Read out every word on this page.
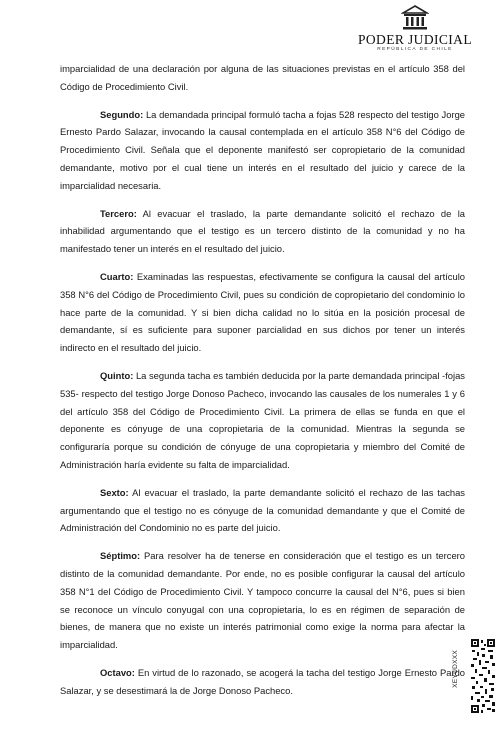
PODER JUDICIAL
REPÚBLICA DE CHILE

imparcialidad de una declaración por alguna de las situaciones previstas en el artículo 358 del Código de Procedimiento Civil.

Segundo: La demandada principal formuló tacha a fojas 528 respecto del testigo Jorge Ernesto Pardo Salazar, invocando la causal contemplada en el artículo 358 N°6 del Código de Procedimiento Civil. Señala que el deponente manifestó ser copropietario de la comunidad demandante, motivo por el cual tiene un interés en el resultado del juicio y carece de la imparcialidad necesaria.

Tercero: Al evacuar el traslado, la parte demandante solicitó el rechazo de la inhabilidad argumentando que el testigo es un tercero distinto de la comunidad y no ha manifestado tener un interés en el resultado del juicio.

Cuarto: Examinadas las respuestas, efectivamente se configura la causal del artículo 358 N°6 del Código de Procedimiento Civil, pues su condición de copropietario del condominio lo hace parte de la comunidad. Y si bien dicha calidad no lo sitúa en la posición procesal de demandante, sí es suficiente para suponer parcialidad en sus dichos por tener un interés indirecto en el resultado del juicio.

Quinto: La segunda tacha es también deducida por la parte demandada principal -fojas 535- respecto del testigo Jorge Donoso Pacheco, invocando las causales de los numerales 1 y 6 del artículo 358 del Código de Procedimiento Civil. La primera de ellas se funda en que el deponente es cónyuge de una copropietaria de la comunidad. Mientras la segunda se configuraría porque su condición de cónyuge de una copropietaria y miembro del Comité de Administración haría evidente su falta de imparcialidad.

Sexto: Al evacuar el traslado, la parte demandante solicitó el rechazo de las tachas argumentando que el testigo no es cónyuge de la comunidad demandante y que el Comité de Administración del Condominio no es parte del juicio.

Séptimo: Para resolver ha de tenerse en consideración que el testigo es un tercero distinto de la comunidad demandante. Por ende, no es posible configurar la causal del artículo 358 N°1 del Código de Procedimiento Civil. Y tampoco concurre la causal del N°6, pues si bien se reconoce un vínculo conyugal con una copropietaria, lo es en régimen de separación de bienes, de manera que no existe un interés patrimonial como exige la norma para afectar la imparcialidad.

Octavo: En virtud de lo razonado, se acogerá la tacha del testigo Jorge Ernesto Pardo Salazar, y se desestimará la de Jorge Donoso Pacheco.

XEYUDXXX
